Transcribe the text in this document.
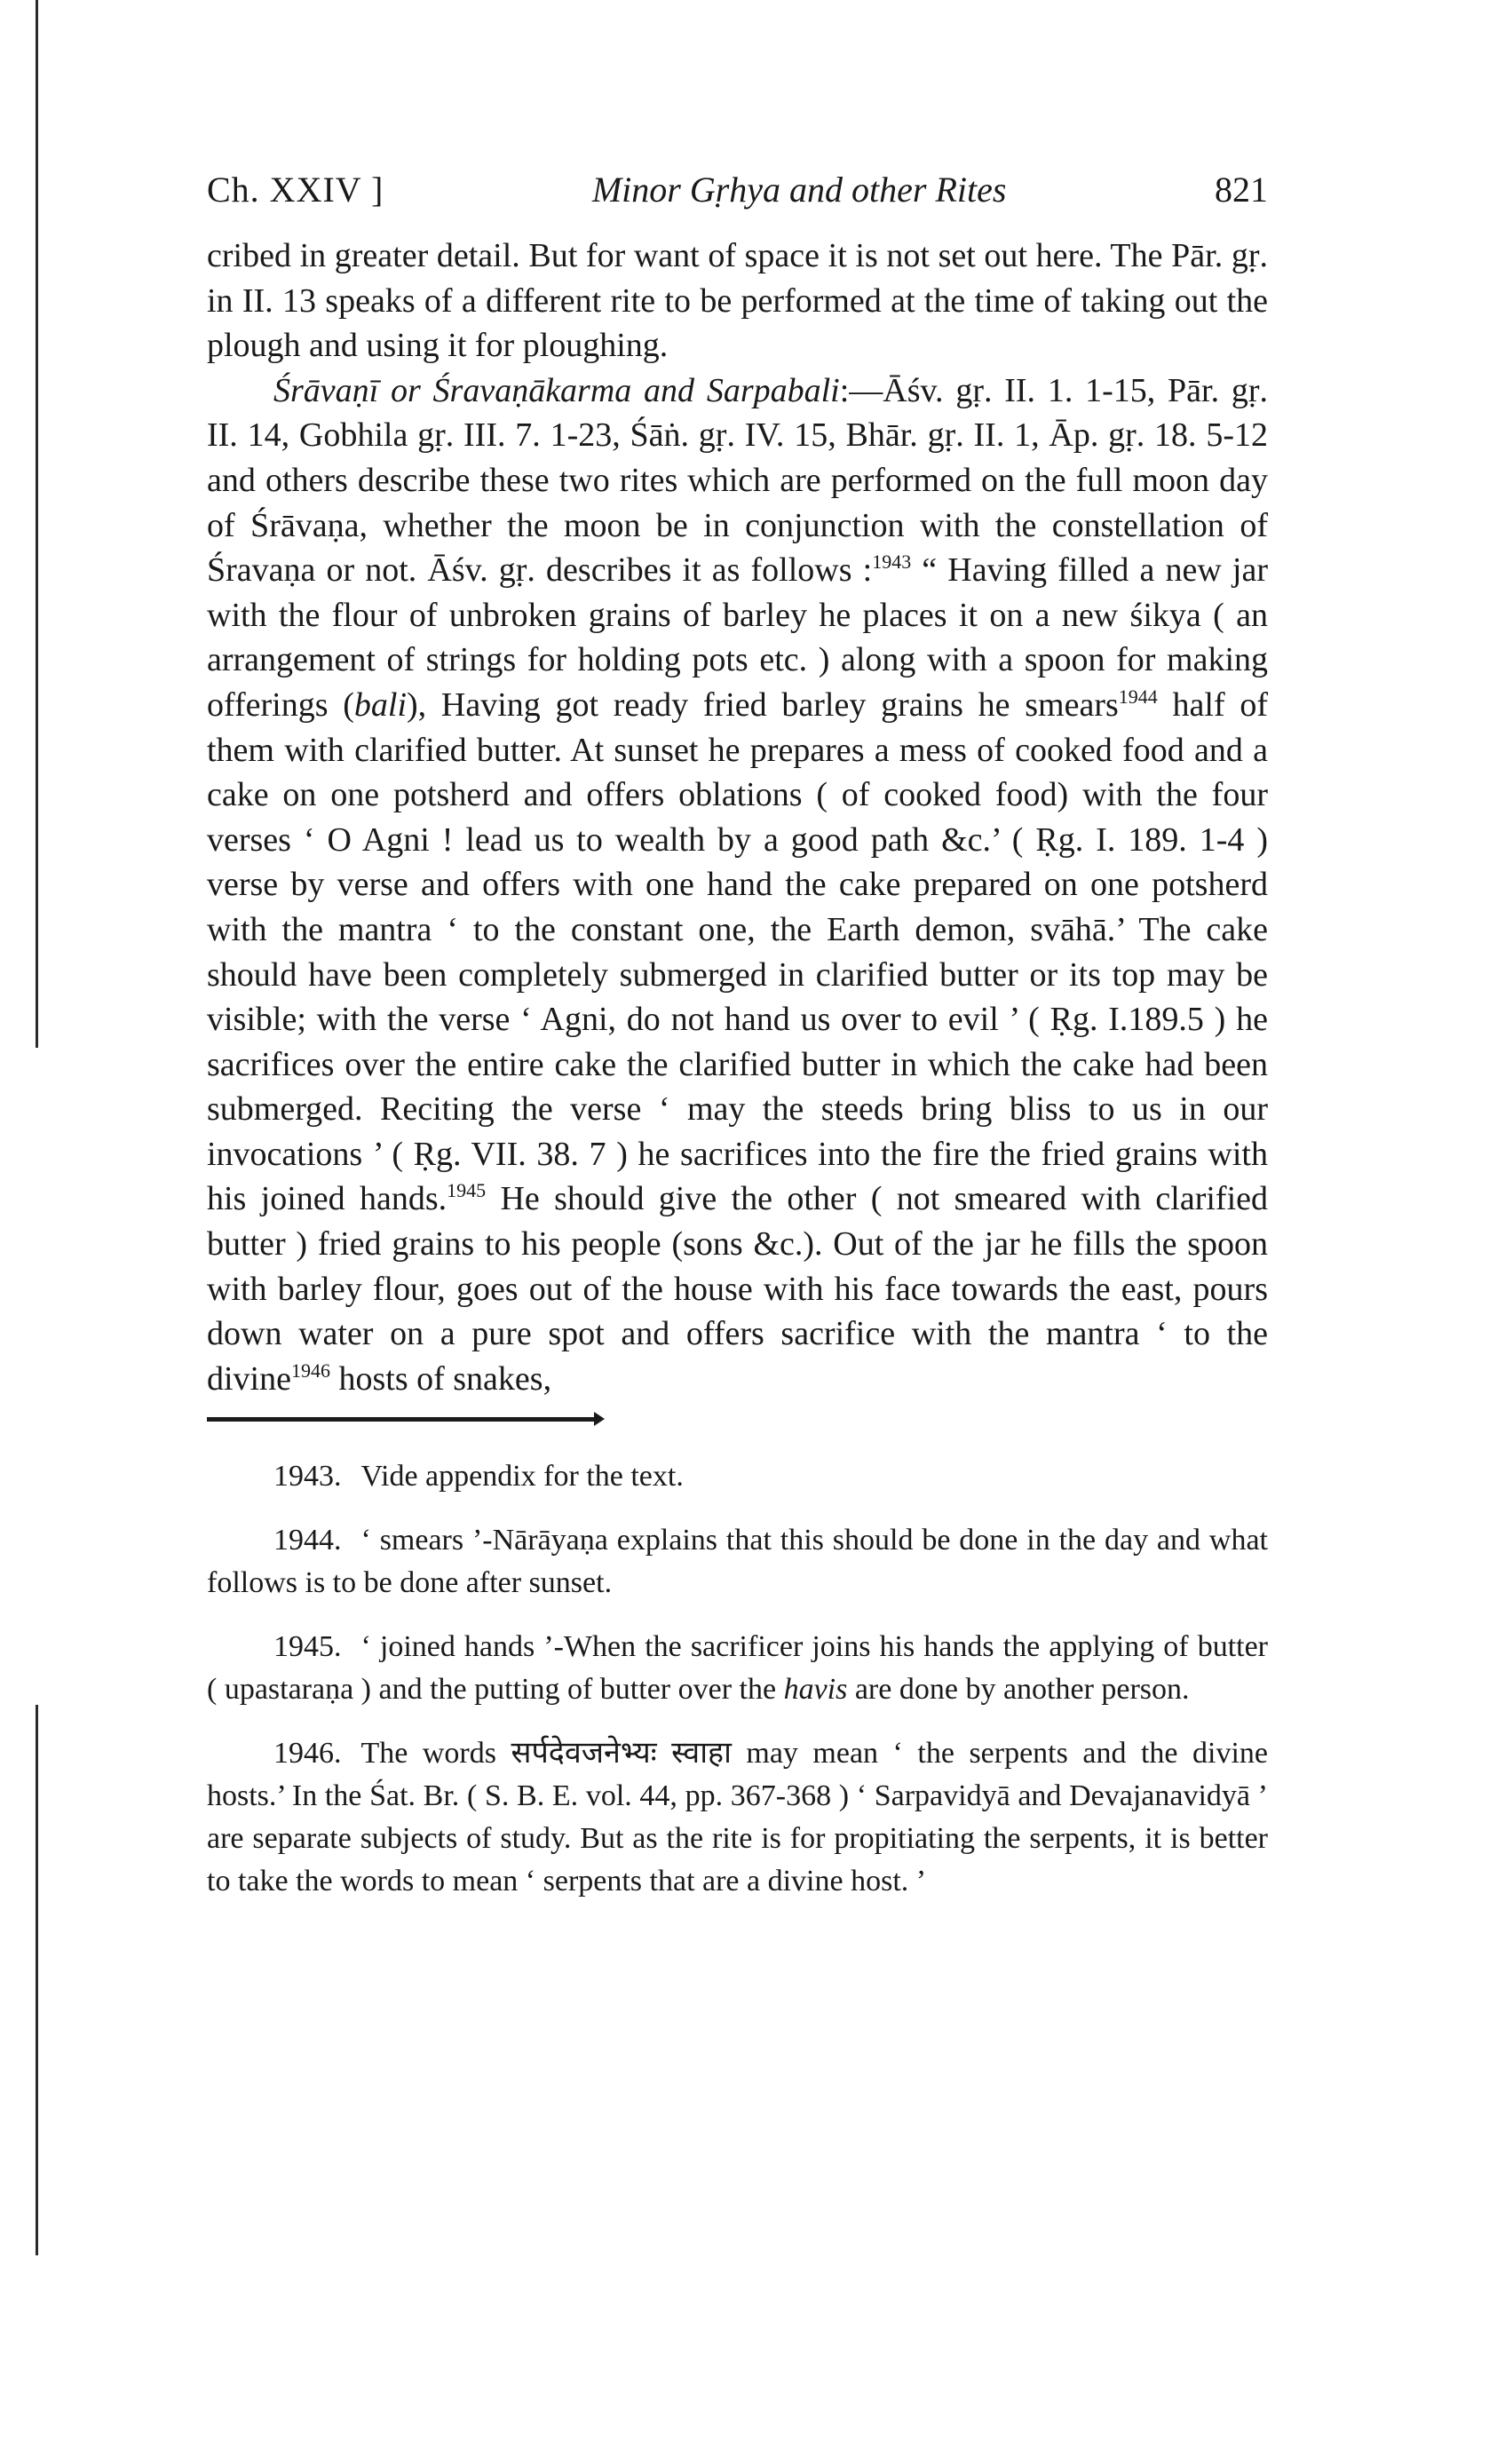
Ch. XXIV ]	Minor Gṛhya and other Rites	821

cribed in greater detail. But for want of space it is not set out here. The Pār. gṛ. in II. 13 speaks of a different rite to be performed at the time of taking out the plough and using it for ploughing.

Śrāvaṇī or Śravaṇākarma and Sarpabali:—Āśv. gṛ. II. 1. 1-15, Pār. gṛ. II. 14, Gobhila gṛ. III. 7. 1-23, Śāṅ. gṛ. IV. 15, Bhār. gṛ. II. 1, Āp. gṛ. 18. 5-12 and others describe these two rites which are performed on the full moon day of Śrāvaṇa, whether the moon be in conjunction with the constellation of Śravaṇa or not. Āśv. gṛ. describes it as follows :$^{1943}$ “ Having filled a new jar with the flour of unbroken grains of barley he places it on a new śikya ( an arrangement of strings for holding pots etc. ) along with a spoon for making offerings (bali), Having got ready fried barley grains he smears$^{1944}$ half of them with clarified butter. At sunset he prepares a mess of cooked food and a cake on one potsherd and offers oblations ( of cooked food) with the four verses ‘ O Agni ! lead us to wealth by a good path &c.’ ( Ṛg. I. 189. 1-4 ) verse by verse and offers with one hand the cake prepared on one potsherd with the mantra ‘ to the constant one, the Earth demon, svāhā.’ The cake should have been completely submerged in clarified butter or its top may be visible; with the verse ‘ Agni, do not hand us over to evil ’ ( Ṛg. I.189.5 ) he sacrifices over the entire cake the clarified butter in which the cake had been submerged. Reciting the verse ‘ may the steeds bring bliss to us in our invocations ’ ( Ṛg. VII. 38. 7 ) he sacrifices into the fire the fried grains with his joined hands.$^{1945}$ He should give the other ( not smeared with clarified butter ) fried grains to his people (sons &c.). Out of the jar he fills the spoon with barley flour, goes out of the house with his face towards the east, pours down water on a pure spot and offers sacrifice with the mantra ‘ to the divine$^{1946}$ hosts of snakes,

1943. Vide appendix for the text.

1944. ‘ smears ’-Nārāyaṇa explains that this should be done in the day and what follows is to be done after sunset.

1945. ‘ joined hands ’-When the sacrificer joins his hands the applying of butter ( upastaraṇa ) and the putting of butter over the havis are done by another person.

1946. The words सर्पदेवजनेभ्यः स्वाहा may mean ‘ the serpents and the divine hosts.’ In the Śat. Br. ( S. B. E. vol. 44, pp. 367-368 ) ‘ Sarpavidyā and Devajanavidyā ’ are separate subjects of study. But as the rite is for propitiating the serpents, it is better to take the words to mean ‘ serpents that are a divine host. ’
